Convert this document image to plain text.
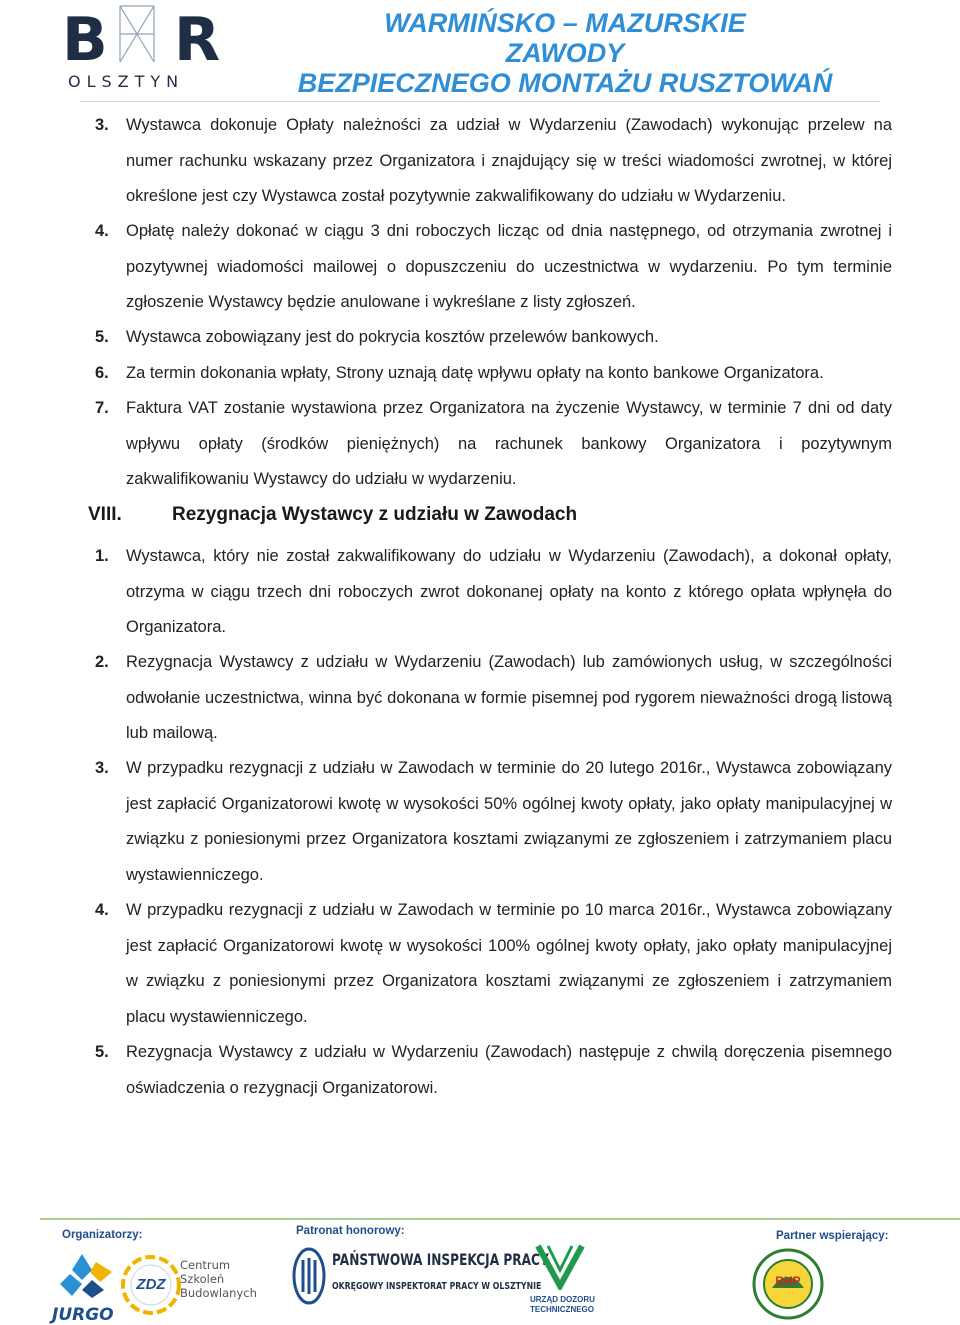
B R
OLSZTYN
WARMIŃSKO – MAZURSKIE
ZAWODY
BEZPIECZNEGO MONTAŻU RUSZTOWAŃ
3.	Wystawca dokonuje Opłaty należności za udział w Wydarzeniu (Zawodach) wykonując przelew na numer rachunku wskazany przez Organizatora i znajdujący się w treści wiadomości zwrotnej, w której określone jest czy Wystawca został pozytywnie zakwalifikowany do udziału w Wydarzeniu.
4.	Opłatę należy dokonać w ciągu 3 dni roboczych licząc od dnia następnego, od otrzymania zwrotnej i pozytywnej wiadomości mailowej o dopuszczeniu do uczestnictwa w wydarzeniu. Po tym terminie zgłoszenie Wystawcy będzie anulowane i wykreślane z listy zgłoszeń.
5.	Wystawca zobowiązany jest do pokrycia kosztów przelewów bankowych.
6.	Za termin dokonania wpłaty, Strony uznają datę wpływu opłaty na konto bankowe Organizatora.
7.	Faktura VAT zostanie wystawiona przez Organizatora na życzenie Wystawcy, w terminie 7 dni od daty wpływu opłaty (środków pieniężnych) na rachunek bankowy Organizatora i pozytywnym zakwalifikowaniu Wystawcy do udziału w wydarzeniu.
VIII.	Rezygnacja Wystawcy z udziału w Zawodach
1.	Wystawca, który nie został zakwalifikowany do udziału w Wydarzeniu (Zawodach), a dokonał opłaty, otrzyma w ciągu trzech dni roboczych zwrot dokonanej opłaty na konto z którego opłata wpłynęła do Organizatora.
2.	Rezygnacja Wystawcy z udziału w Wydarzeniu (Zawodach) lub zamówionych usług, w szczególności odwołanie uczestnictwa, winna być dokonana w formie pisemnej pod rygorem nieważności drogą listową lub mailową.
3.	W przypadku rezygnacji z udziału w Zawodach w terminie do 20 lutego 2016r., Wystawca zobowiązany jest zapłacić Organizatorowi kwotę w wysokości 50% ogólnej kwoty opłaty, jako opłaty manipulacyjnej w związku z poniesionymi przez Organizatora kosztami związanymi ze zgłoszeniem i zatrzymaniem placu wystawienniczego.
4.	W przypadku rezygnacji z udziału w Zawodach w terminie po 10 marca 2016r., Wystawca zobowiązany jest zapłacić Organizatorowi kwotę w wysokości 100% ogólnej kwoty opłaty, jako opłaty manipulacyjnej w związku z poniesionymi przez Organizatora kosztami związanymi ze zgłoszeniem i zatrzymaniem placu wystawienniczego.
5.	Rezygnacja Wystawcy z udziału w Wydarzeniu (Zawodach) następuje z chwilą doręczenia pisemnego oświadczenia o rezygnacji Organizatorowi.
Organizatorzy:	Patronat honorowy:	Partner wspierający:
JURGO
ZDZ
Centrum
Szkoleń
Budowlanych
PAŃSTWOWA INSPEKCJA PRACY
OKRĘGOWY INSPEKTORAT PRACY W OLSZTYNIE
URZĄD DOZORU
TECHNICZNEGO
BHP
